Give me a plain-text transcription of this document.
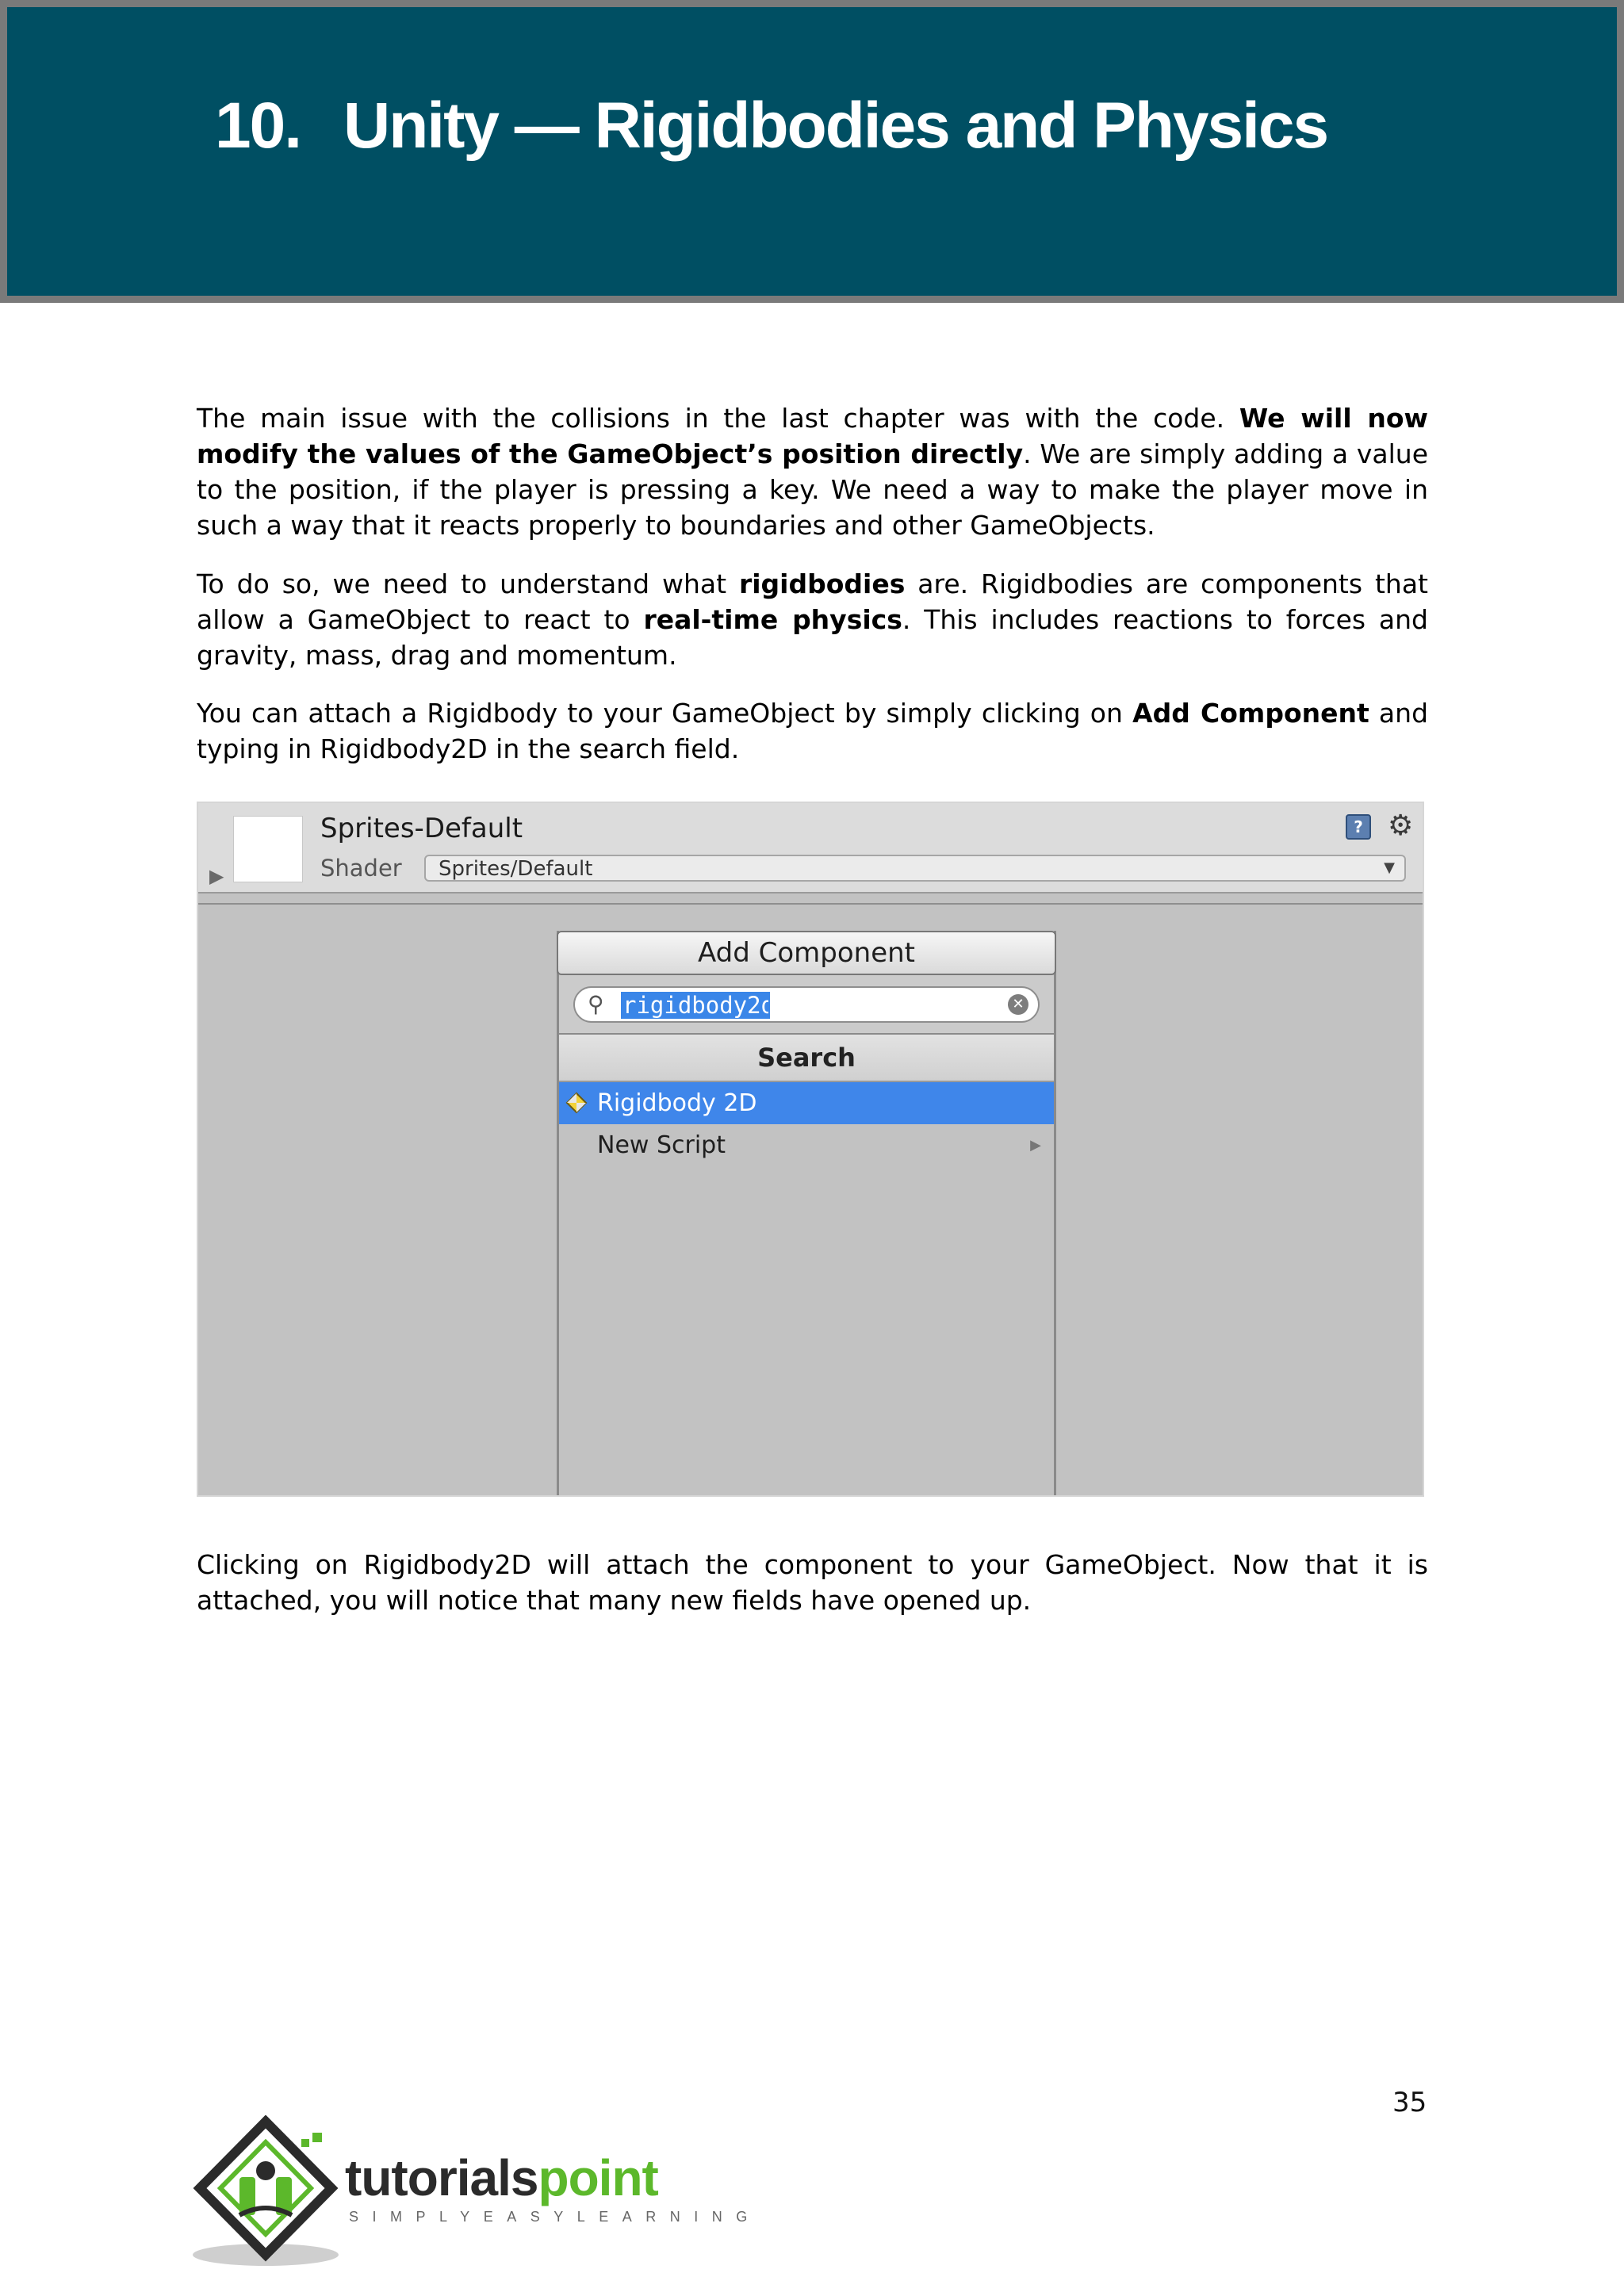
10. Unity — Rigidbodies and Physics

The main issue with the collisions in the last chapter was with the code. We will now modify the values of the GameObject’s position directly. We are simply adding a value to the position, if the player is pressing a key. We need a way to make the player move in such a way that it reacts properly to boundaries and other GameObjects.

To do so, we need to understand what rigidbodies are. Rigidbodies are components that allow a GameObject to react to real-time physics. This includes reactions to forces and gravity, mass, drag and momentum.

You can attach a Rigidbody to your GameObject by simply clicking on Add Component and typing in Rigidbody2D in the search field.

▶
Sprites-Default
Shader Sprites/Default	▼
? ⚙
Add Component
⚲
rigidbody2d	✕
Search
Rigidbody 2D
New Script	▶

Clicking on Rigidbody2D will attach the component to your GameObject. Now that it is attached, you will notice that many new fields have opened up.

35
tutorialspoint
SIMPLYEASYLEARNING
